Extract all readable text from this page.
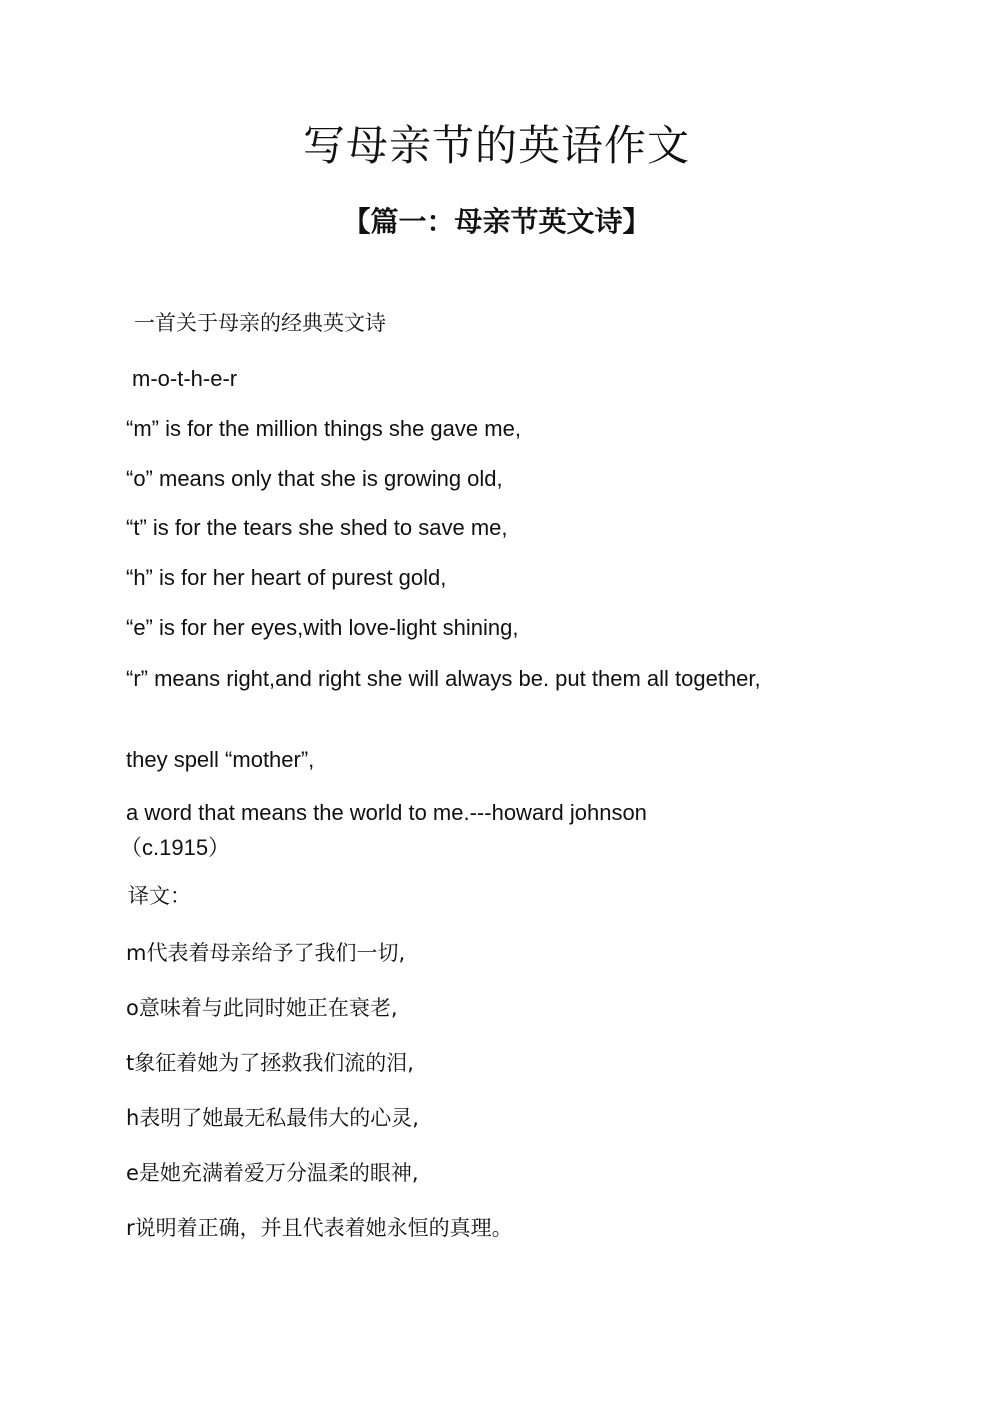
写母亲节的英语作文
【篇一：母亲节英文诗】
一首关于母亲的经典英文诗
m-o-t-h-e-r
“m” is for the million things she gave me,
“o” means only that she is growing old,
“t” is for the tears she shed to save me,
“h” is for her heart of purest gold,
“e” is for her eyes,with love-light shining,
“r” means right,and right she will always be. put them all together,
they spell “mother”,
a word that means the world to me.---howard johnson（c.1915）
译文：
m代表着母亲给予了我们一切,
o意味着与此同时她正在衰老,
t象征着她为了拯救我们流的泪,
h表明了她最无私最伟大的心灵,
e是她充满着爱万分温柔的眼神,
r说明着正确，并且代表着她永恒的真理。
